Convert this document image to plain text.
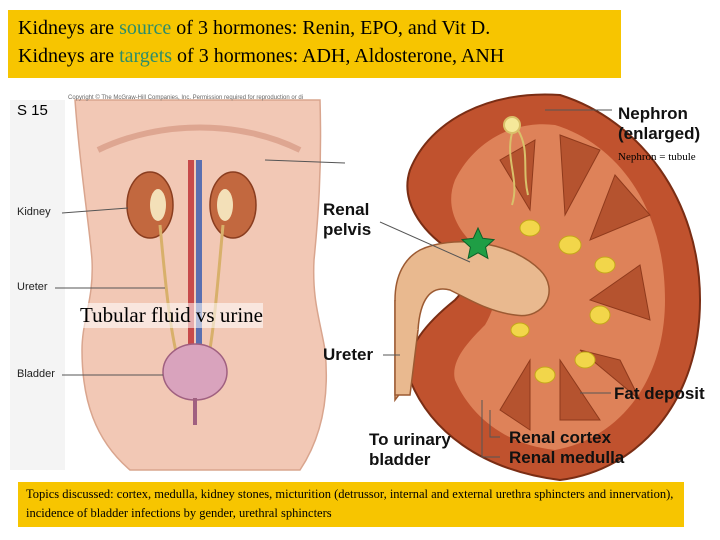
Kidneys are source of 3 hormones: Renin, EPO, and Vit D.
Kidneys are targets of 3 hormones: ADH, Aldosterone, ANH
S 15
Copyright © The McGraw-Hill Companies, Inc. Permission required for reproduction or di
Nephron
(enlarged)
Nephron = tubule
Renal
pelvis
Ureter
Fat deposit
To urinary
bladder
Renal cortex
Renal medulla
Kidney
Ureter
Bladder
Tubular fluid vs urine
Topics discussed: cortex, medulla, kidney stones, micturition (detrussor, internal and external urethra sphincters and innervation), incidence of bladder infections by gender, urethral sphincters
